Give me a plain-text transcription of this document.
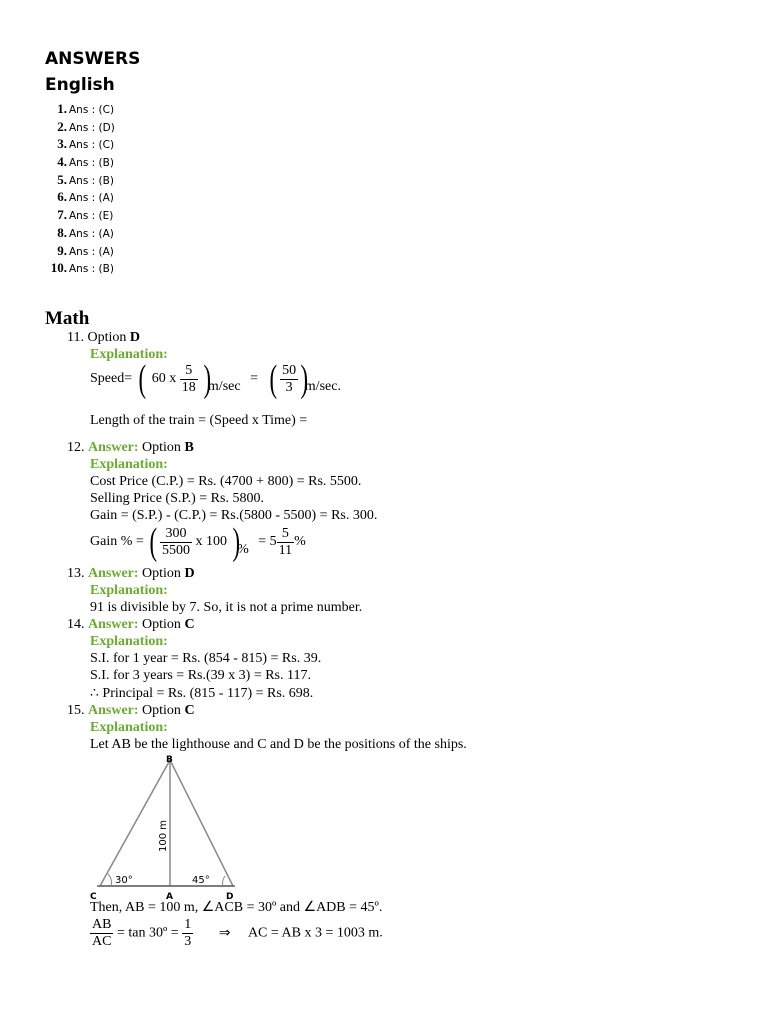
ANSWERS
English
1. Ans : (C)
2. Ans : (D)
3. Ans : (C)
4. Ans : (B)
5. Ans : (B)
6. Ans : (A)
7. Ans : (E)
8. Ans : (A)
9. Ans : (A)
10. Ans : (B)
Math
11. Option D
Explanation:
Speed= ( 60 x $\frac{5}{18} )m/\sec$ = ( $\frac{50}{3} )m/\sec$.
Length of the train = (Speed x Time) =
12. Answer: Option B
Explanation:
Cost Price (C.P.) = Rs. (4700 + 800) = Rs. 5500.
Selling Price (S.P.) = Rs. 5800.
Gain = (S.P.) - (C.P.) = Rs.(5800 - 5500) = Rs. 300.
Gain % = ( $\frac{300}{5500}$ x 100 )% = $5 \frac{5}{11}$ %
13. Answer: Option D
Explanation:
91 is divisible by 7. So, it is not a prime number.
14. Answer: Option C
Explanation:
S.I. for 1 year = Rs. (854 - 815) = Rs. 39.
S.I. for 3 years = Rs.(39 x 3) = Rs. 117.
∴ Principal = Rs. (815 - 117) = Rs. 698.
15. Answer: Option C
Explanation:
Let AB be the lighthouse and C and D be the positions of the ships.
B
C	A	D
100 m
30°	45°
Then, AB = 100 m, ∠ACB = 30º and ∠ADB = 45º.
$\frac{AB}{AC} = \tan$ 30º = $\frac{1}{3}$ ⇒ AC = AB x 3 = 1003 m.
